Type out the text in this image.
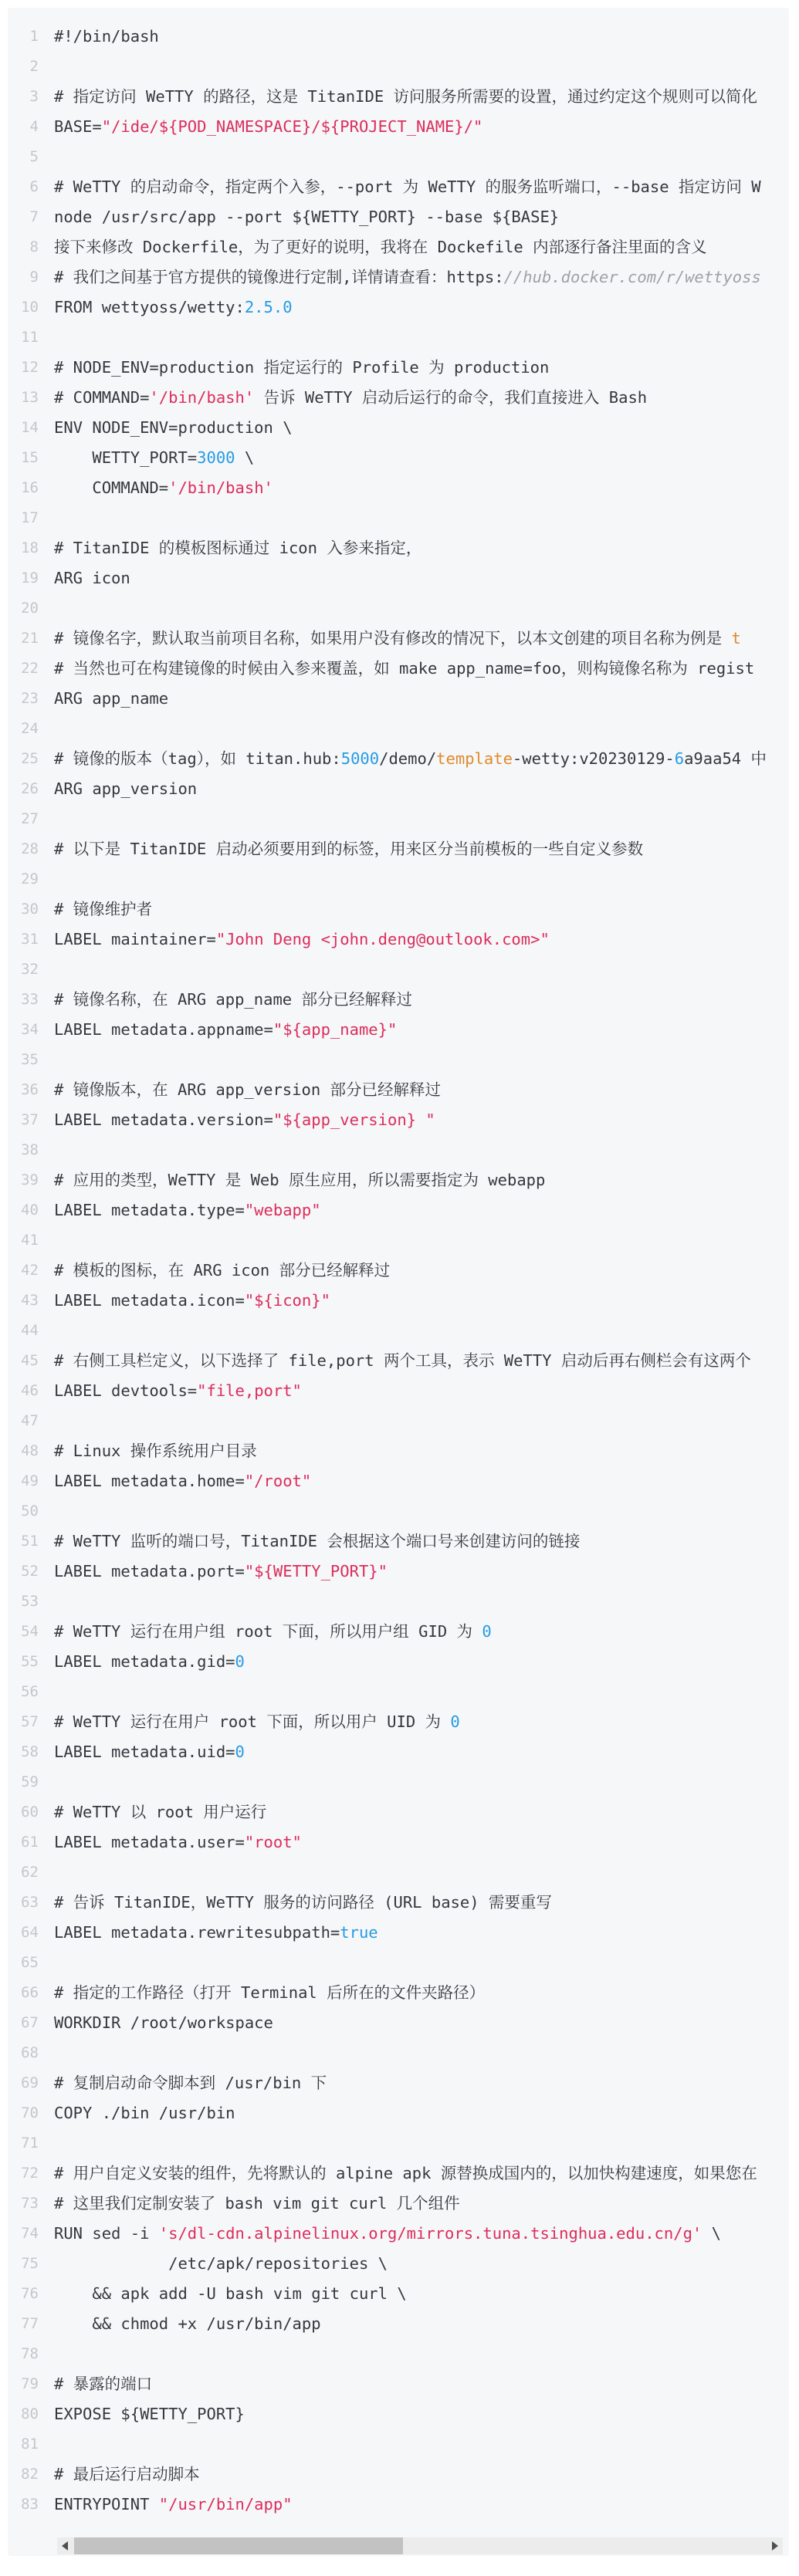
1 #!/bin/bash
2
3 # 指定访问 WeTTY 的路径，这是 TitanIDE 访问服务所需要的设置，通过约定这个规则可以简化
4 BASE="/ide/${POD_NAMESPACE}/${PROJECT_NAME}/"
5
6 # WeTTY 的启动命令，指定两个入参，--port 为 WeTTY 的服务监听端口，--base 指定访问 W
7 node /usr/src/app --port ${WETTY_PORT} --base ${BASE}
8 接下来修改 Dockerfile，为了更好的说明，我将在 Dockefile 内部逐行备注里面的含义
9 # 我们之间基于官方提供的镜像进行定制,详情请查看：https://hub.docker.com/r/wettyoss
10 FROM wettyoss/wetty:2.5.0
11
12 # NODE_ENV=production 指定运行的 Profile 为 production
13 # COMMAND='/bin/bash' 告诉 WeTTY 启动后运行的命令，我们直接进入 Bash
14 ENV NODE_ENV=production \
15 WETTY_PORT=3000 \
16 COMMAND='/bin/bash'
17
18 # TitanIDE 的模板图标通过 icon 入参来指定，
19 ARG icon
20
21 # 镜像名字，默认取当前项目名称，如果用户没有修改的情况下，以本文创建的项目名称为例是 t
22 # 当然也可在构建镜像的时候由入参来覆盖，如 make app_name=foo，则构镜像名称为 regist
23 ARG app_name
24
25 # 镜像的版本（tag），如 titan.hub:5000/demo/template-wetty:v20230129-6a9aa54 中
26 ARG app_version
27
28 # 以下是 TitanIDE 启动必须要用到的标签，用来区分当前模板的一些自定义参数
29
30 # 镜像维护者
31 LABEL maintainer="John Deng <john.deng@outlook.com>"
32
33 # 镜像名称，在 ARG app_name 部分已经解释过
34 LABEL metadata.appname="${app_name}"
35
36 # 镜像版本，在 ARG app_version 部分已经解释过
37 LABEL metadata.version="${app_version} "
38
39 # 应用的类型，WeTTY 是 Web 原生应用，所以需要指定为 webapp
40 LABEL metadata.type="webapp"
41
42 # 模板的图标，在 ARG icon 部分已经解释过
43 LABEL metadata.icon="${icon}"
44
45 # 右侧工具栏定义，以下选择了 file,port 两个工具，表示 WeTTY 启动后再右侧栏会有这两个
46 LABEL devtools="file,port"
47
48 # Linux 操作系统用户目录
49 LABEL metadata.home="/root"
50
51 # WeTTY 监听的端口号，TitanIDE 会根据这个端口号来创建访问的链接
52 LABEL metadata.port="${WETTY_PORT}"
53
54 # WeTTY 运行在用户组 root 下面，所以用户组 GID 为 0
55 LABEL metadata.gid=0
56
57 # WeTTY 运行在用户 root 下面，所以用户 UID 为 0
58 LABEL metadata.uid=0
59
60 # WeTTY 以 root 用户运行
61 LABEL metadata.user="root"
62
63 # 告诉 TitanIDE，WeTTY 服务的访问路径 (URL base) 需要重写
64 LABEL metadata.rewritesubpath=true
65
66 # 指定的工作路径（打开 Terminal 后所在的文件夹路径）
67 WORKDIR /root/workspace
68
69 # 复制启动命令脚本到 /usr/bin 下
70 COPY ./bin /usr/bin
71
72 # 用户自定义安装的组件，先将默认的 alpine apk 源替换成国内的，以加快构建速度，如果您在
73 # 这里我们定制安装了 bash vim git curl 几个组件
74 RUN sed -i 's/dl-cdn.alpinelinux.org/mirrors.tuna.tsinghua.edu.cn/g' \
75 /etc/apk/repositories \
76 && apk add -U bash vim git curl \
77 && chmod +x /usr/bin/app
78
79 # 暴露的端口
80 EXPOSE ${WETTY_PORT}
81
82 # 最后运行启动脚本
83 ENTRYPOINT "/usr/bin/app"
